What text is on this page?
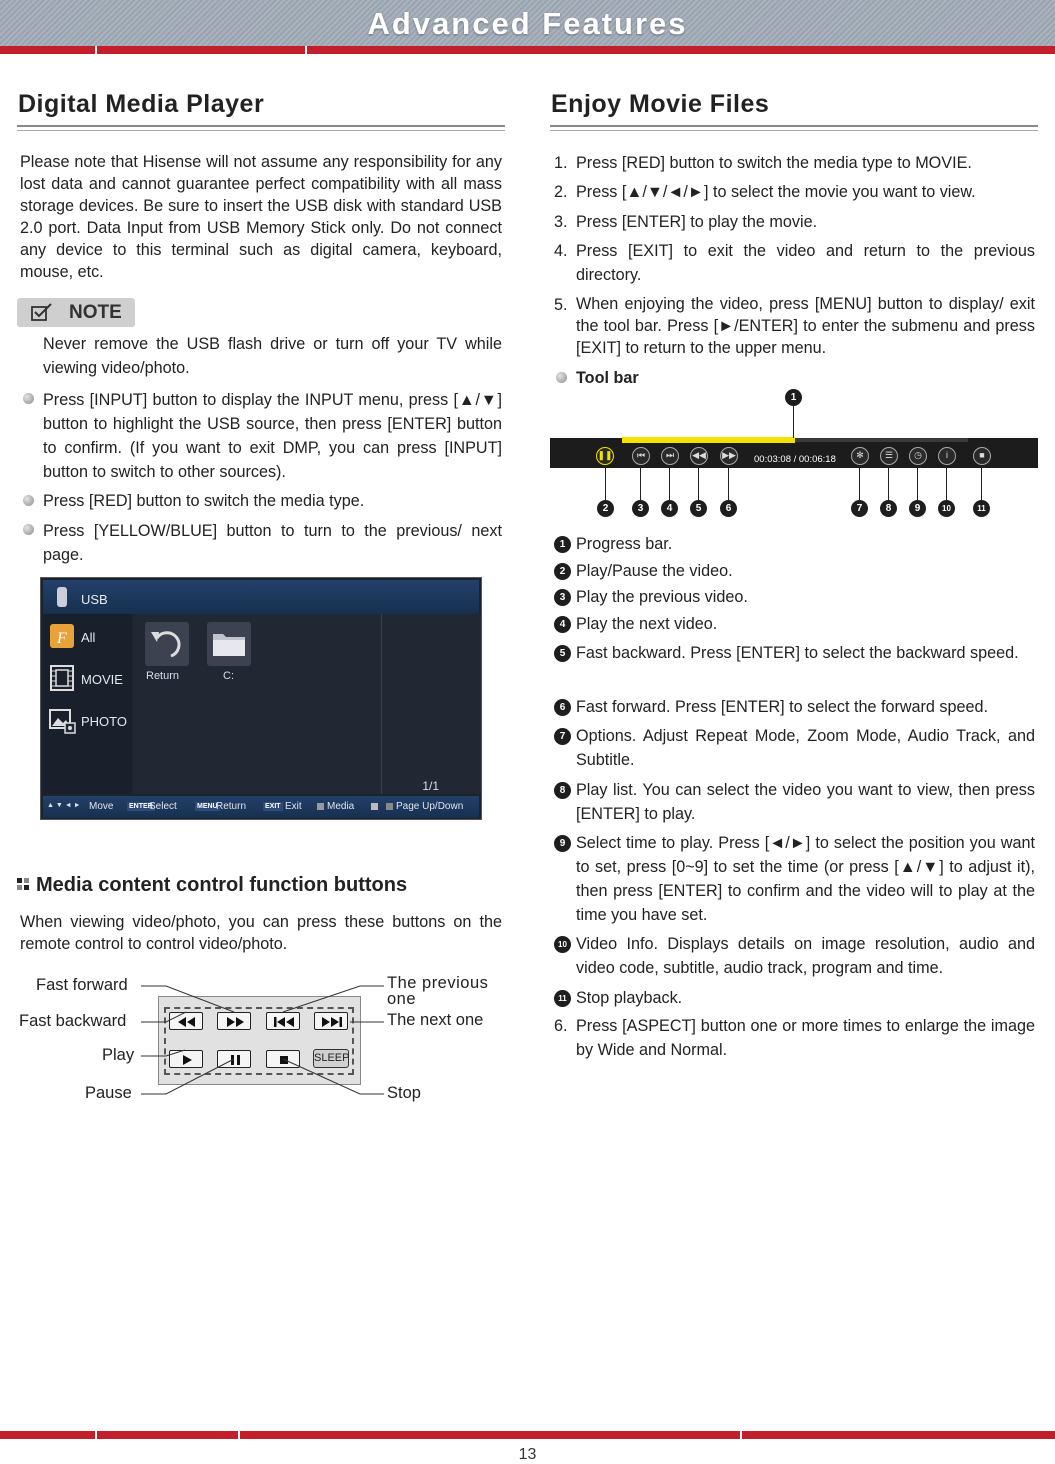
Advanced Features
Digital Media Player
Please note that Hisense will not assume any responsibility for any lost data and cannot guarantee perfect compatibility with all mass storage devices. Be sure to insert the USB disk with standard USB 2.0 port. Data Input from USB Memory Stick only. Do not connect any device to this terminal such as digital camera, keyboard, mouse, etc.
NOTE
Never remove the USB flash drive or turn off your TV while viewing video/photo.
Press [INPUT] button to display the INPUT menu, press [▲/▼] button to highlight the USB source, then press [ENTER] button to confirm. (If you want to exit DMP, you can press [INPUT] button to switch to other sources).
Press [RED] button to switch the media type.
Press [YELLOW/BLUE] button to turn to the previous/ next page.
USB
F All
MOVIE
PHOTO
Return	C:
1/1
▲ ▼ ◄ ► Move ENTER
Select	MENU
Return	EXIT Exit	Media	Page Up/Down
Media content control function buttons
When viewing video/photo, you can press these buttons on the remote control to control video/photo.
SLEEP
Fast forward
Fast backward
Play
Pause
The previous one
The next one
Stop
Enjoy Movie Files
1. Press [RED] button to switch the media type to MOVIE.
2. Press [▲/▼/◄/►] to select the movie you want to view.
3. Press [ENTER] to play the movie.
4. Press [EXIT] to exit the video and return to the previous directory.
5. When enjoying the video, press [MENU] button to display/ exit the tool bar. Press [►/ENTER] to enter the submenu and press [EXIT] to return to the upper menu.
Tool bar
❚❚	⏮	⏭	◀◀ ▶▶ 00:03:08 / 00:06:18	✻	☰	◷	i	■
1
2	3	4	5	6	7	8	9	10	11
1 Progress bar.
2 Play/Pause the video.
3 Play the previous video.
4 Play the next video.
5 Fast backward. Press [ENTER] to select the backward speed.
6 Fast forward. Press [ENTER] to select the forward speed.
7 Options. Adjust Repeat Mode, Zoom Mode, Audio Track, and Subtitle.
8 Play list. You can select the video you want to view, then press [ENTER] to play.
9 Select time to play. Press [◄/►] to select the position you want to set, press [0~9] to set the time (or press [▲/▼] to adjust it), then press [ENTER] to confirm and the video will to play at the time you have set.
10 Video Info. Displays details on image resolution, audio and video code, subtitle, audio track, program and time.
11 Stop playback.
6. Press [ASPECT] button one or more times to enlarge the image by Wide and Normal.
13
